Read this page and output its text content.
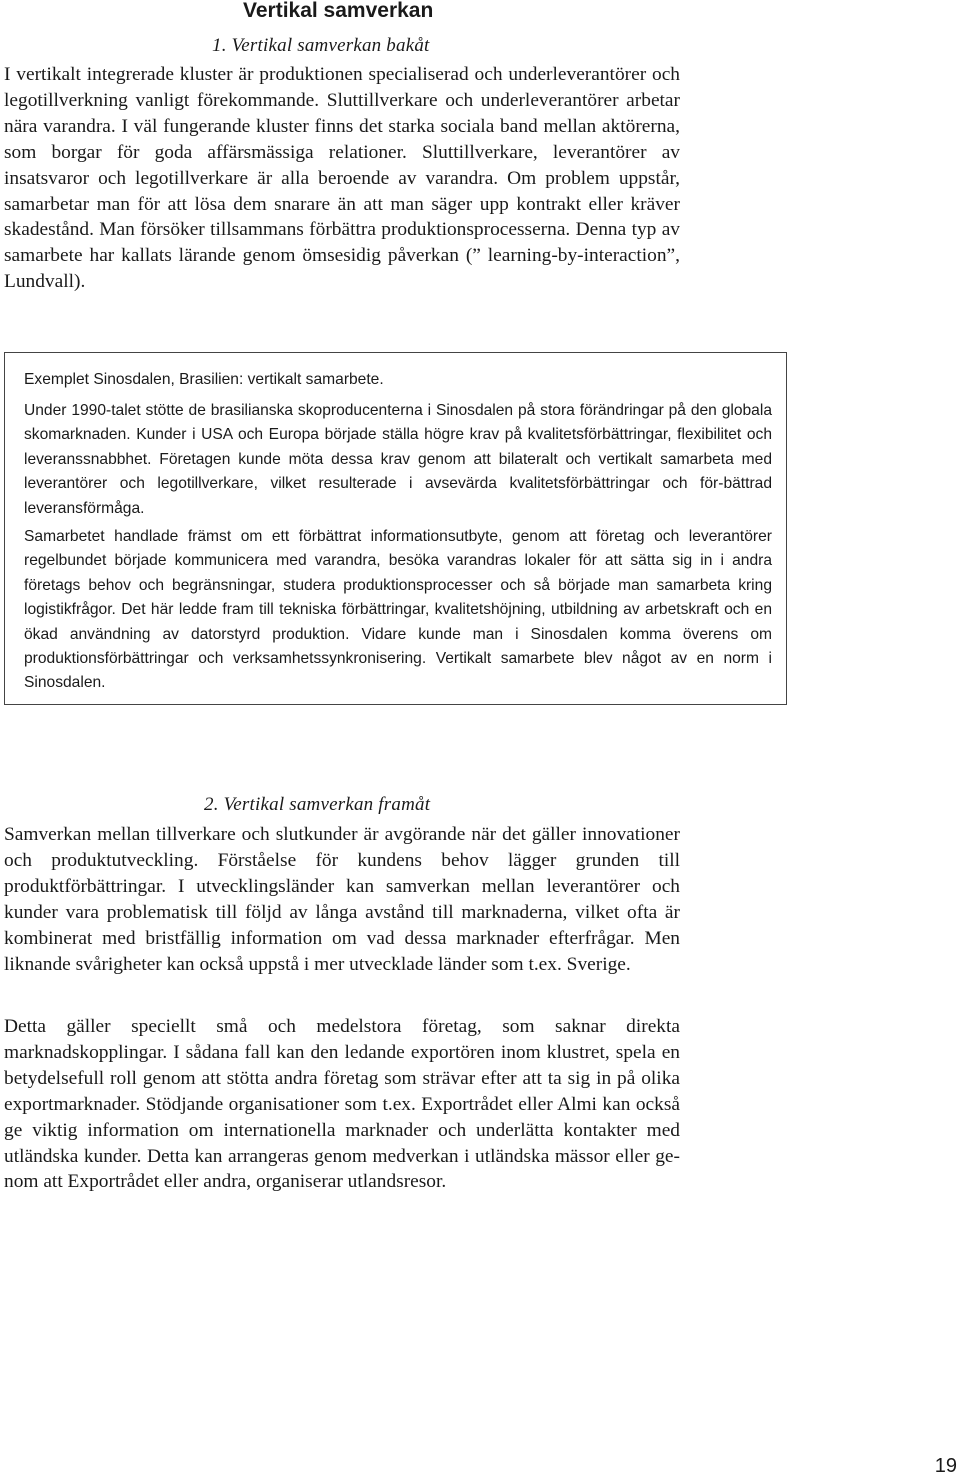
Vertikal samverkan
1. Vertikal samverkan bakåt

I vertikalt integrerade kluster är produktionen specialiserad och underleverantörer och legotillverkning vanligt förekommande. Sluttillverkare och underleverantörer arbetar nära varandra. I väl fungerande kluster finns det starka sociala band mellan aktörerna, som borgar för goda affärsmässiga relationer. Sluttillverkare, leverantörer av insatsvaror och legotillverkare är alla beroende av varandra. Om problem uppstår, samarbetar man för att lösa dem snarare än att man säger upp kontrakt eller kräver skadestånd. Man försöker tillsammans förbättra produktionsprocesserna. Denna typ av samarbete har kallats lärande genom ömsesidig påverkan (” learning-by-interaction”, Lundvall).

Exemplet Sinosdalen, Brasilien: vertikalt samarbete.

Under 1990-talet stötte de brasilianska skoproducenterna i Sinosdalen på stora förändringar på den globala skomarknaden. Kunder i USA och Europa började ställa högre krav på kvalitetsförbättringar, flexibilitet och leveranssnabbhet. Företagen kunde möta dessa krav genom att bilateralt och vertikalt samarbeta med leverantörer och legotillverkare, vilket resulterade i avsevärda kvalitetsförbättringar och för-bättrad leveransförmåga.

Samarbetet handlade främst om ett förbättrat informationsutbyte, genom att företag och leverantörer regelbundet började kommunicera med varandra, besöka varandras lokaler för att sätta sig in i andra företags behov och begränsningar, studera produktionsprocesser och så började man samarbeta kring logistikfrågor. Det här ledde fram till tekniska förbättringar, kvalitetshöjning, utbildning av arbetskraft och en ökad användning av datorstyrd produktion. Vidare kunde man i Sinosdalen komma överens om produktionsförbättringar och verksamhetssynkronisering. Vertikalt samarbete blev något av en norm i Sinosdalen.

2. Vertikal samverkan framåt

Samverkan mellan tillverkare och slutkunder är avgörande när det gäller innovationer och produktutveckling. Förståelse för kundens behov lägger grunden till produktförbättringar. I utvecklingsländer kan samverkan mellan leverantörer och kunder vara problematisk till följd av långa avstånd till marknaderna, vilket ofta är kombinerat med bristfällig information om vad dessa marknader efterfrågar. Men liknande svårigheter kan också uppstå i mer utvecklade länder som t.ex. Sverige.

Detta gäller speciellt små och medelstora företag, som saknar direkta marknadskopplingar. I sådana fall kan den ledande exportören inom klustret, spela en betydelsefull roll genom att stötta andra företag som strävar efter att ta sig in på olika exportmarknader. Stödjande organisationer som t.ex. Exportrådet eller Almi kan också ge viktig information om internationella marknader och underlätta kontakter med utländska kunder. Detta kan arrangeras genom medverkan i utländska mässor eller genom att Exportrådet eller andra, organiserar utlandsresor.

19
